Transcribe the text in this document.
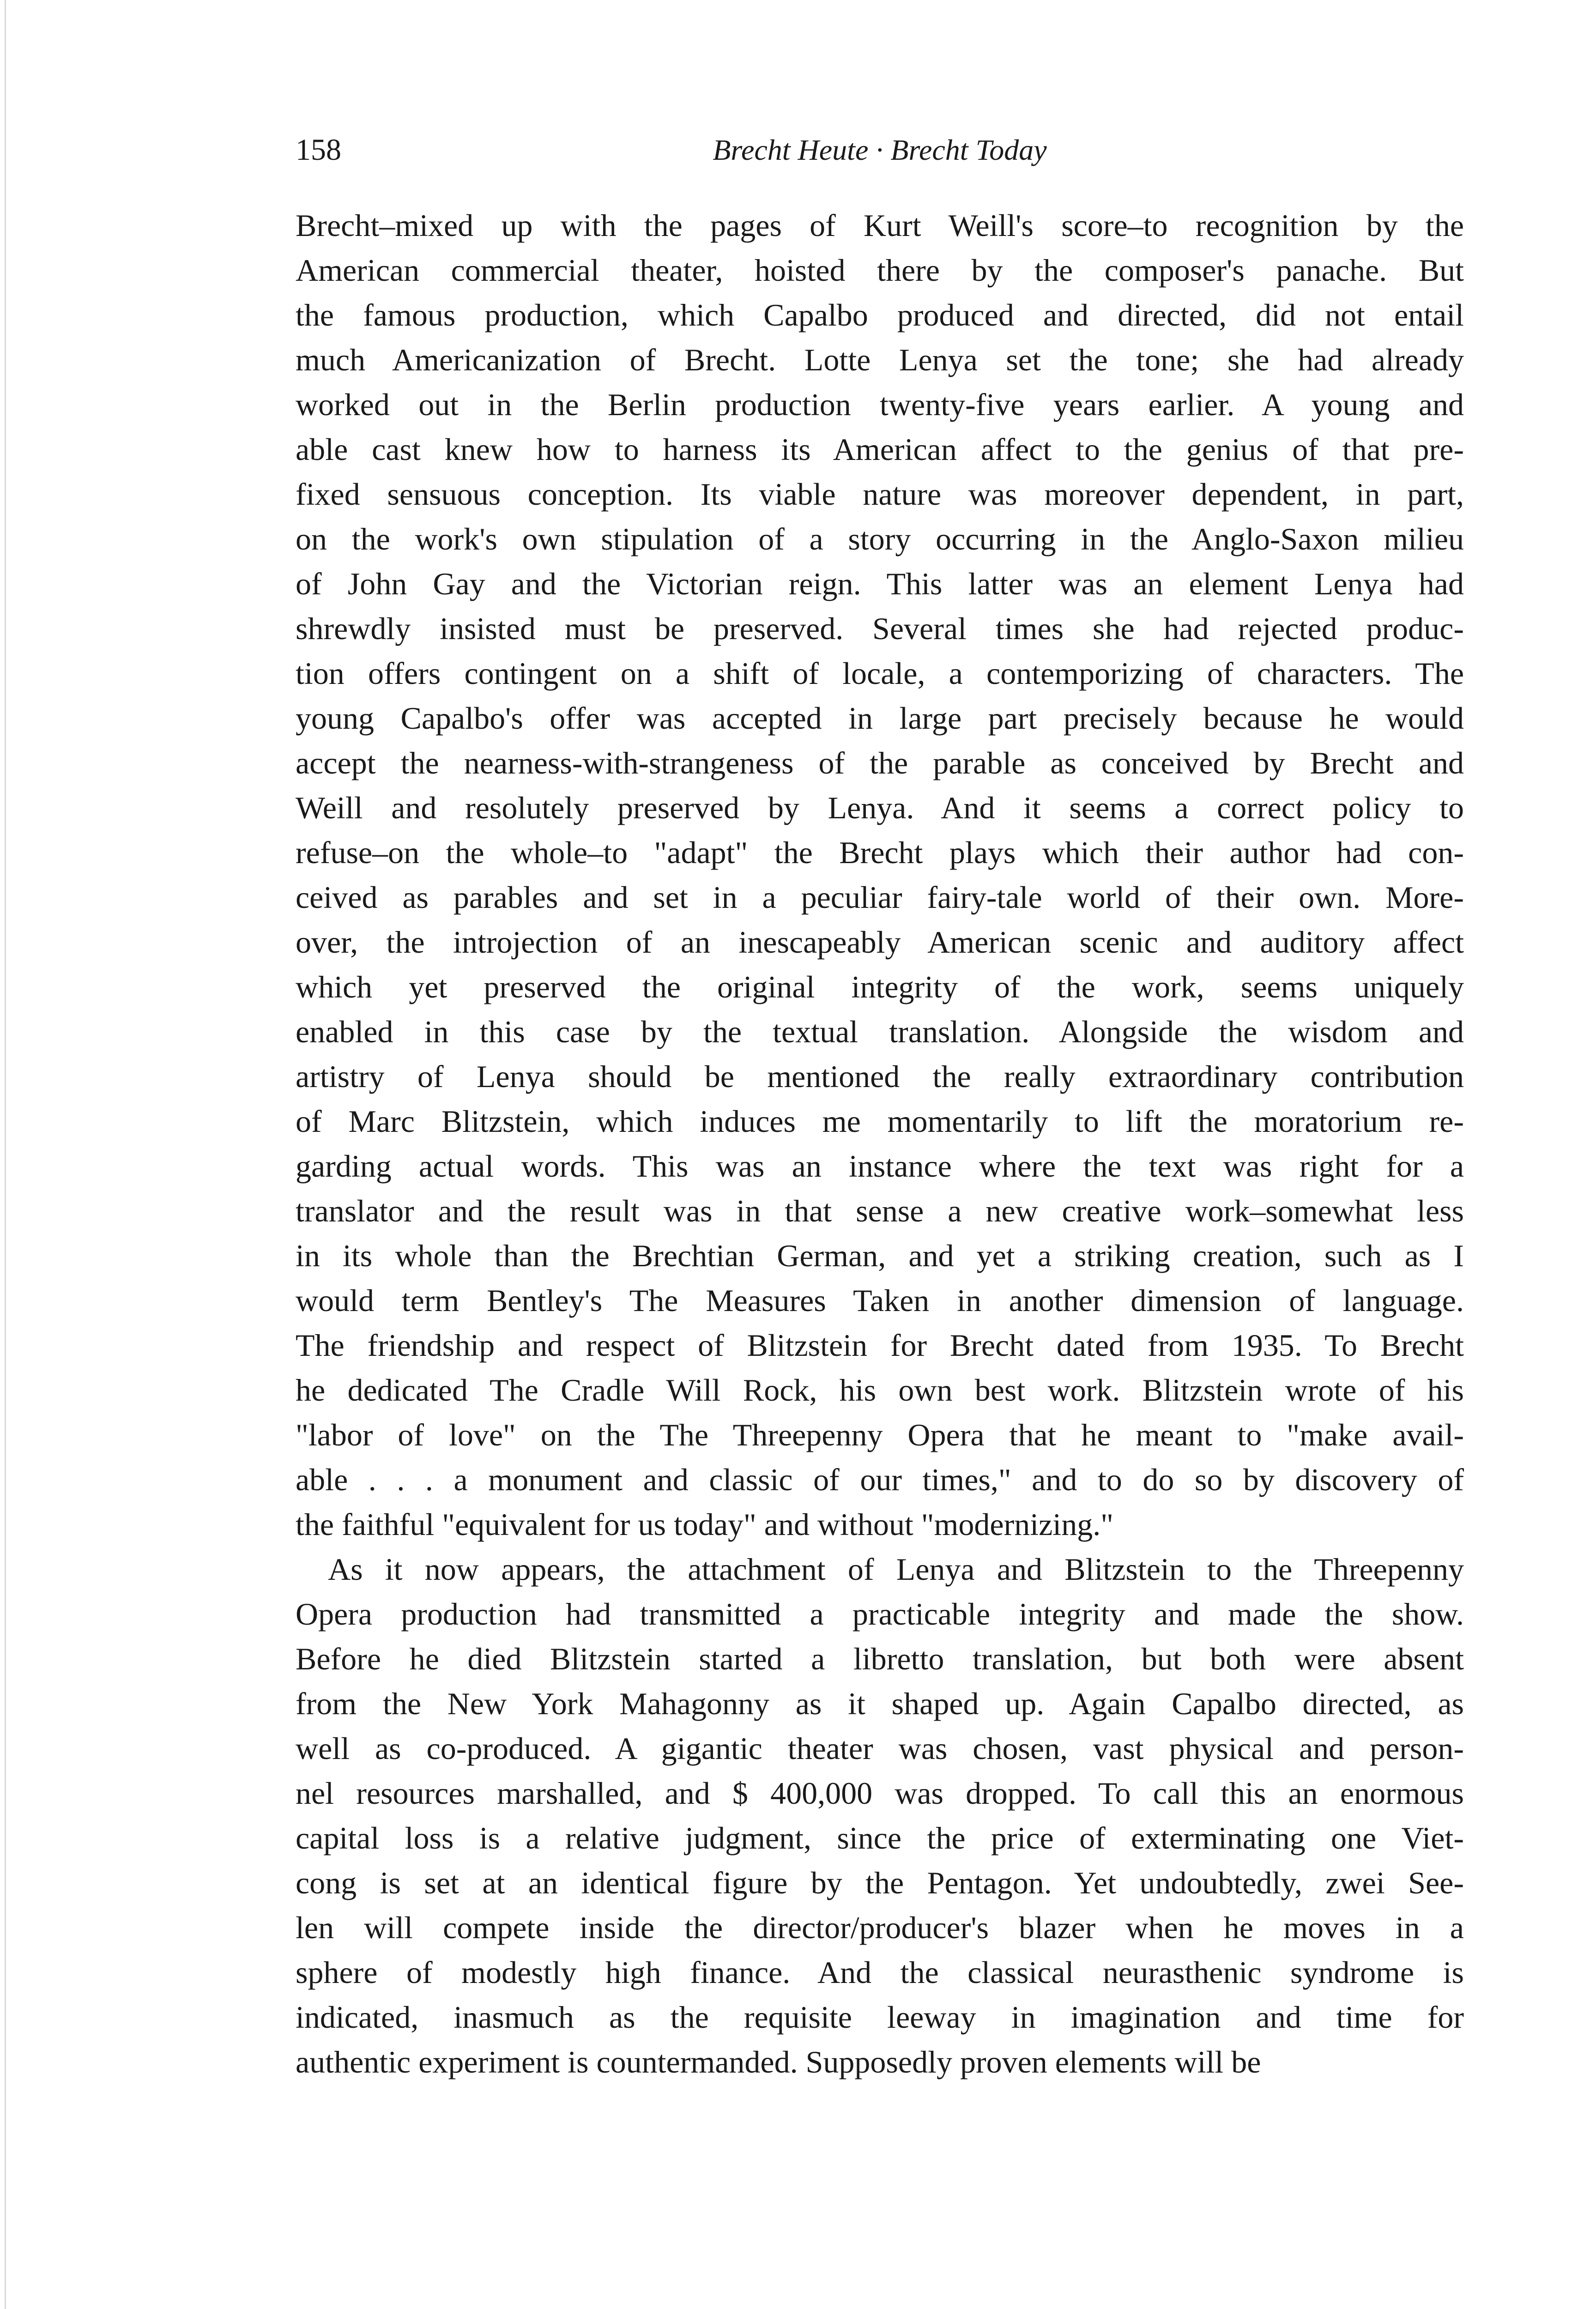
158	Brecht Heute · Brecht Today
Brecht–mixed up with the pages of Kurt Weill's score–to recognition by the
American commercial theater, hoisted there by the composer's panache. But
the famous production, which Capalbo produced and directed, did not entail
much Americanization of Brecht. Lotte Lenya set the tone; she had already
worked out in the Berlin production twenty-five years earlier. A young and
able cast knew how to harness its American affect to the genius of that pre-
fixed sensuous conception. Its viable nature was moreover dependent, in part,
on the work's own stipulation of a story occurring in the Anglo-Saxon milieu
of John Gay and the Victorian reign. This latter was an element Lenya had
shrewdly insisted must be preserved. Several times she had rejected produc-
tion offers contingent on a shift of locale, a contemporizing of characters. The
young Capalbo's offer was accepted in large part precisely because he would
accept the nearness-with-strangeness of the parable as conceived by Brecht and
Weill and resolutely preserved by Lenya. And it seems a correct policy to
refuse–on the whole–to "adapt" the Brecht plays which their author had con-
ceived as parables and set in a peculiar fairy-tale world of their own. More-
over, the introjection of an inescapeably American scenic and auditory affect
which yet preserved the original integrity of the work, seems uniquely
enabled in this case by the textual translation. Alongside the wisdom and
artistry of Lenya should be mentioned the really extraordinary contribution
of Marc Blitzstein, which induces me momentarily to lift the moratorium re-
garding actual words. This was an instance where the text was right for a
translator and the result was in that sense a new creative work–somewhat less
in its whole than the Brechtian German, and yet a striking creation, such as I
would term Bentley's The Measures Taken in another dimension of language.
The friendship and respect of Blitzstein for Brecht dated from 1935. To Brecht
he dedicated The Cradle Will Rock, his own best work. Blitzstein wrote of his
"labor of love" on the The Threepenny Opera that he meant to "make avail-
able . . . a monument and classic of our times," and to do so by discovery of
the faithful "equivalent for us today" and without "modernizing."
As it now appears, the attachment of Lenya and Blitzstein to the Threepenny
Opera production had transmitted a practicable integrity and made the show.
Before he died Blitzstein started a libretto translation, but both were absent
from the New York Mahagonny as it shaped up. Again Capalbo directed, as
well as co-produced. A gigantic theater was chosen, vast physical and person-
nel resources marshalled, and $ 400,000 was dropped. To call this an enormous
capital loss is a relative judgment, since the price of exterminating one Viet-
cong is set at an identical figure by the Pentagon. Yet undoubtedly, zwei See-
len will compete inside the director/producer's blazer when he moves in a
sphere of modestly high finance. And the classical neurasthenic syndrome is
indicated, inasmuch as the requisite leeway in imagination and time for
authentic experiment is countermanded. Supposedly proven elements will be
